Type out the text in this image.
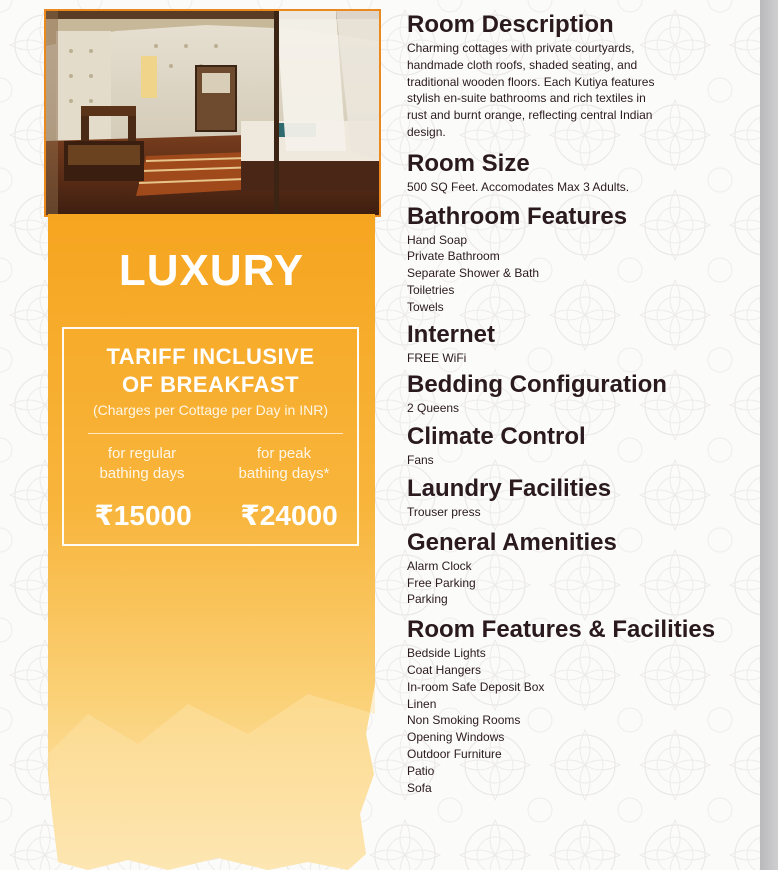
LUXURY
TARIFF INCLUSIVE
OF BREAKFAST
(Charges per Cottage per Day in INR)
for regular
bathing days
for peak
bathing days*
₹15000	₹24000
Room Description

Charming cottages with private courtyards,

handmade cloth roofs, shaded seating, and

traditional wooden floors. Each Kutiya features

stylish en-suite bathrooms and rich textiles in

rust and burnt orange, reflecting central Indian

design.

Room Size

500 SQ Feet. Accomodates Max 3 Adults.

Bathroom Features

Hand Soap

Private Bathroom

Separate Shower & Bath

Toiletries

Towels

Internet

FREE WiFi

Bedding Configuration

2 Queens

Climate Control

Fans

Laundry Facilities

Trouser press

General Amenities

Alarm Clock

Free Parking

Parking

Room Features & Facilities

Bedside Lights

Coat Hangers

In-room Safe Deposit Box

Linen

Non Smoking Rooms

Opening Windows

Outdoor Furniture

Patio

Sofa
